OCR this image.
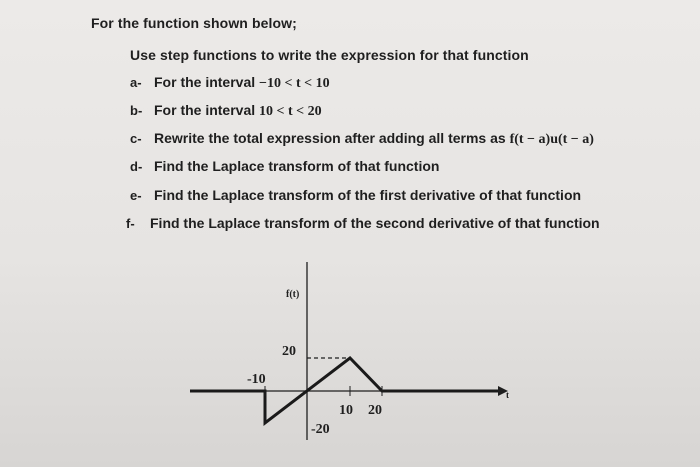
For the function shown below;
Use step functions to write the expression for that function
a- For the interval −10 < t < 10
b- For the interval 10 < t < 20
c- Rewrite the total expression after adding all terms as f(t − a)u(t − a)
d- Find the Laplace transform of that function
e- Find the Laplace transform of the first derivative of that function
f- Find the Laplace transform of the second derivative of that function
f(t)
t
20
-10
10 20
-20
